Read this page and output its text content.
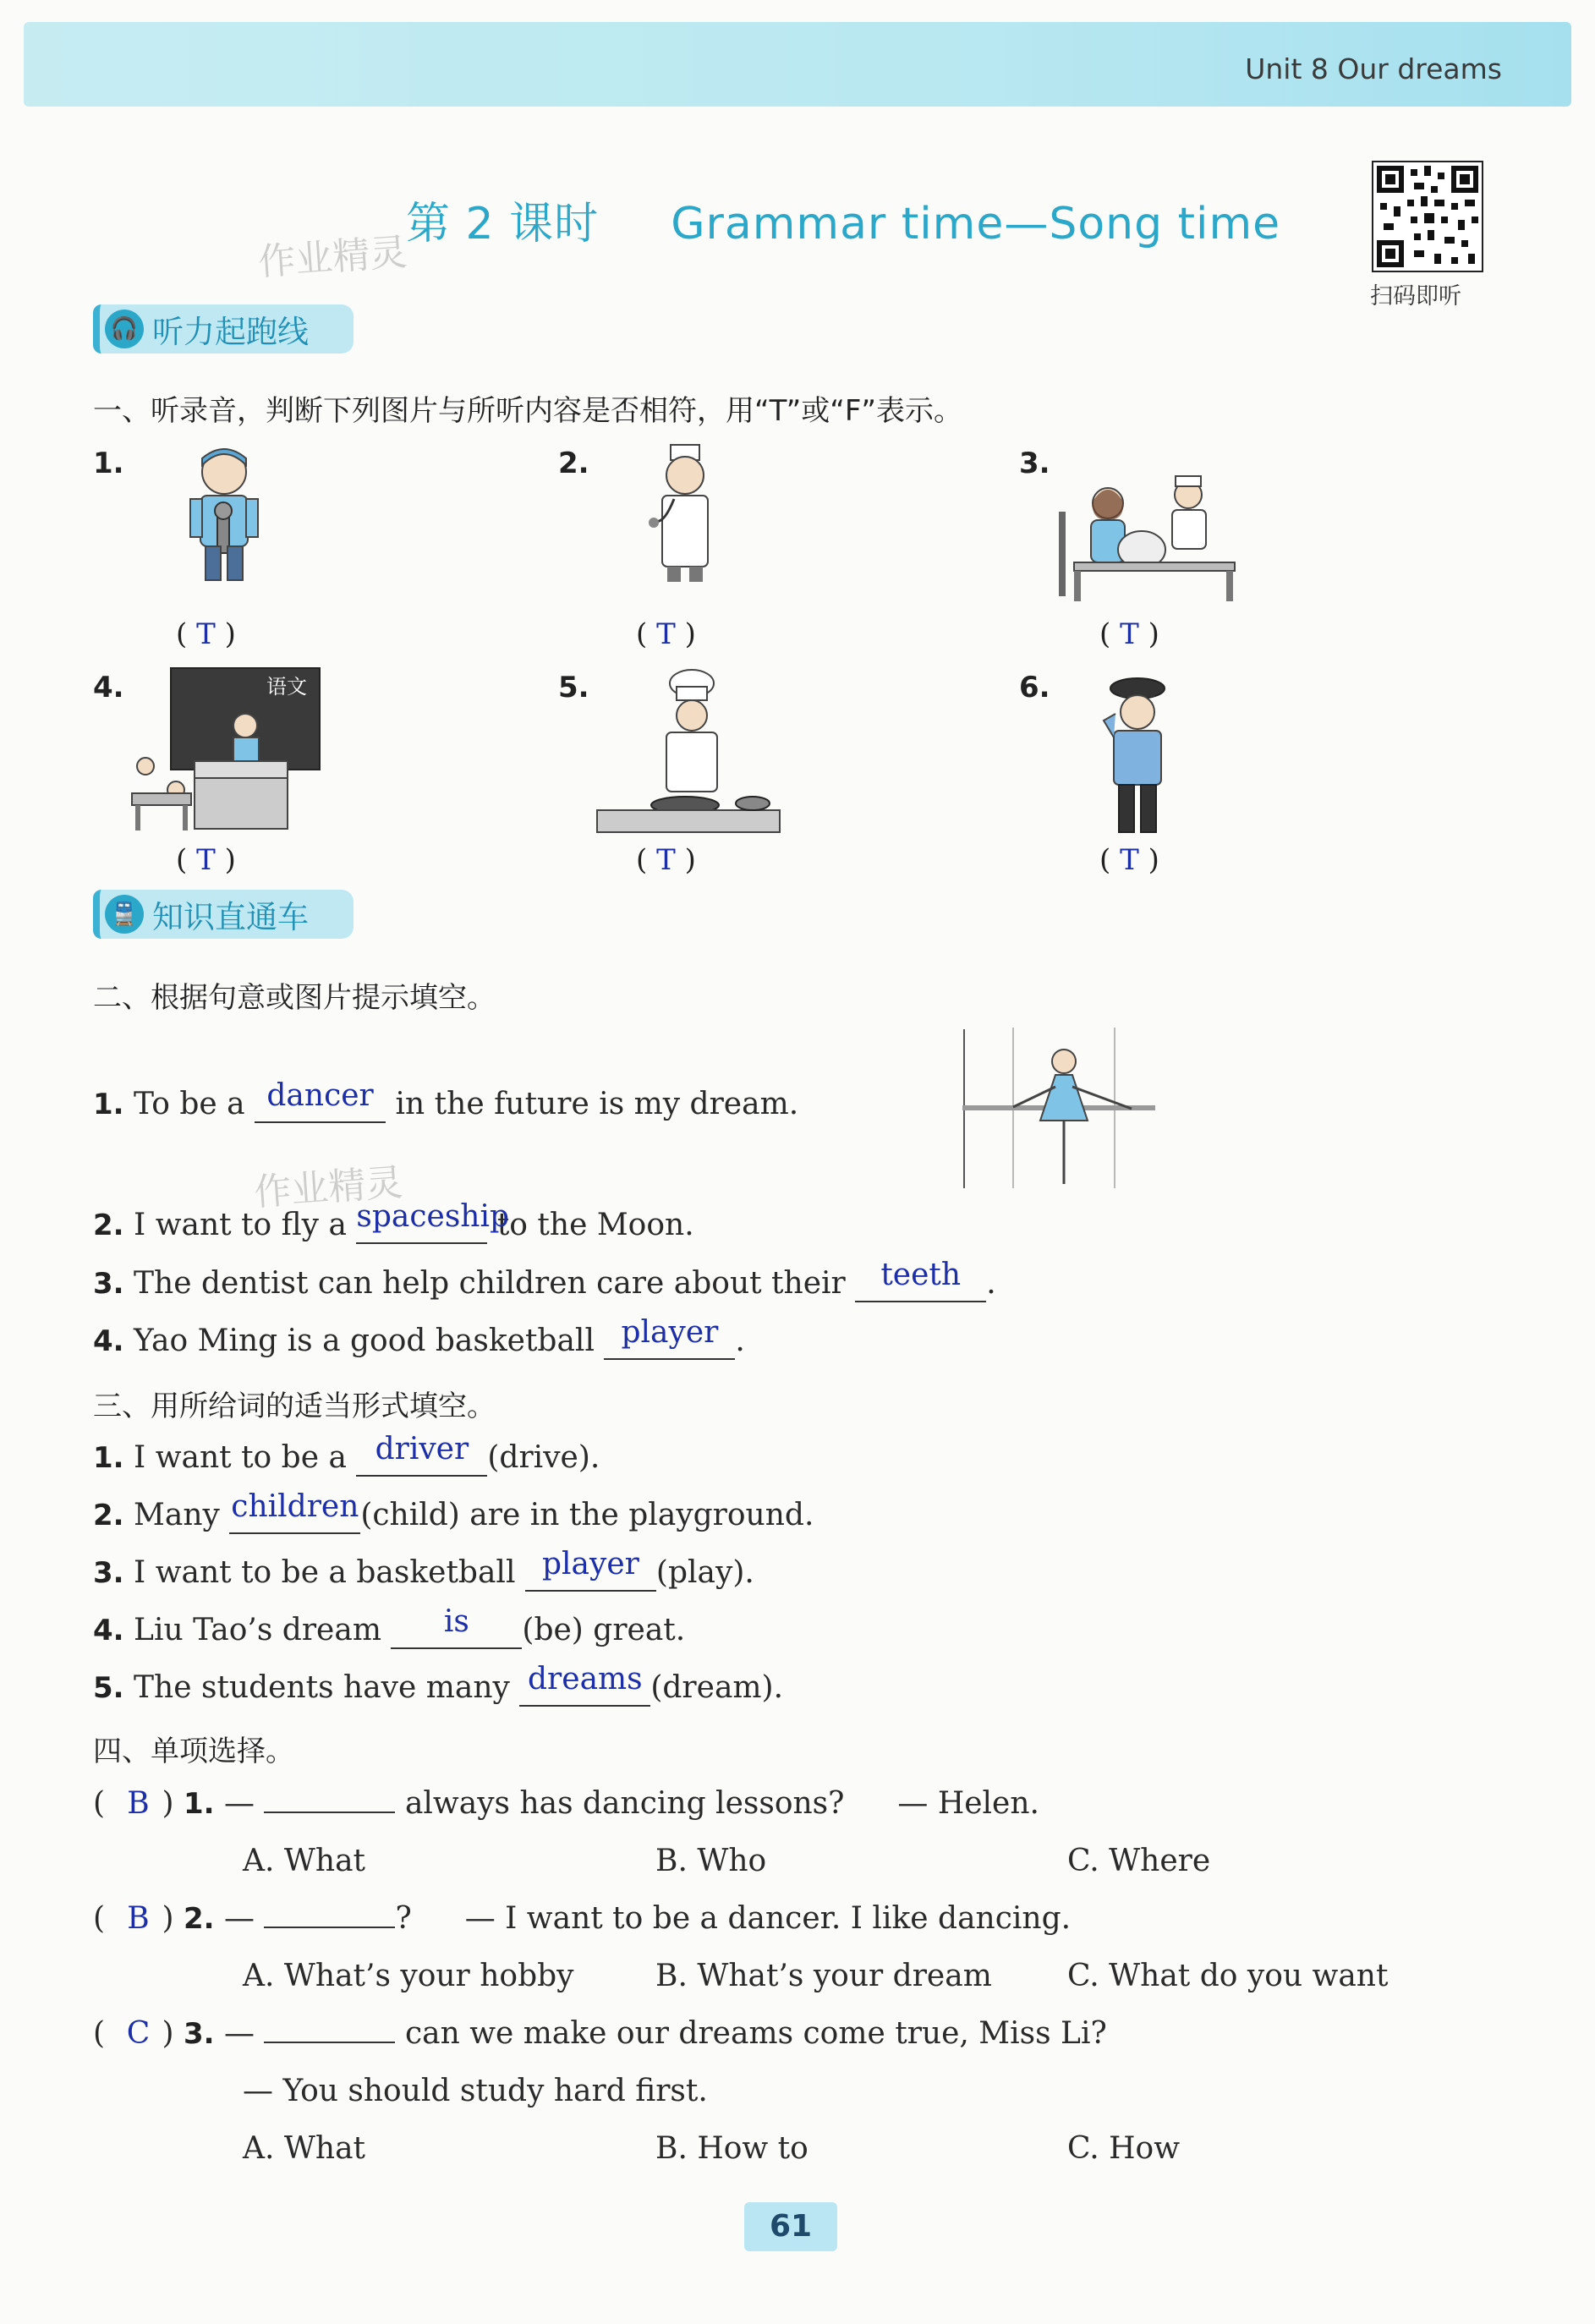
Unit 8 Our dreams
第 2 课时 Grammar time—Song time
作业精灵
扫码即听
🎧 听力起跑线
一、听录音，判断下列图片与所听内容是否相符，用“T”或“F”表示。
1.
( T )
2.
( T )
3.
( T )
4.	语文
( T )
5.
( T )
6.
( T )
🚆 知识直通车
二、根据句意或图片提示填空。
作业精灵
1. To be a dancer in the future is my dream.
2. I want to fly a spaceship to the Moon.
3. The dentist can help children care about their teeth .
4. Yao Ming is a good basketball player .
三、用所给词的适当形式填空。
1. I want to be a driver (drive).
2. Many children(child) are in the playground.
3. I want to be a basketball player (play).
4. Liu Tao’s dream is (be) great.
5. The students have many dreams (dream).
四、单项选择。
( B ) 1. —	always has dancing lessons? — Helen.
A. What	B. Who	C. Where
( B ) 2. —	? — I want to be a dancer. I like dancing.
A. What’s your hobby	B. What’s your dream C. What do you want
( C ) 3. —	can we make our dreams come true, Miss Li?
— You should study hard first.
A. What	B. How to	C. How
61
